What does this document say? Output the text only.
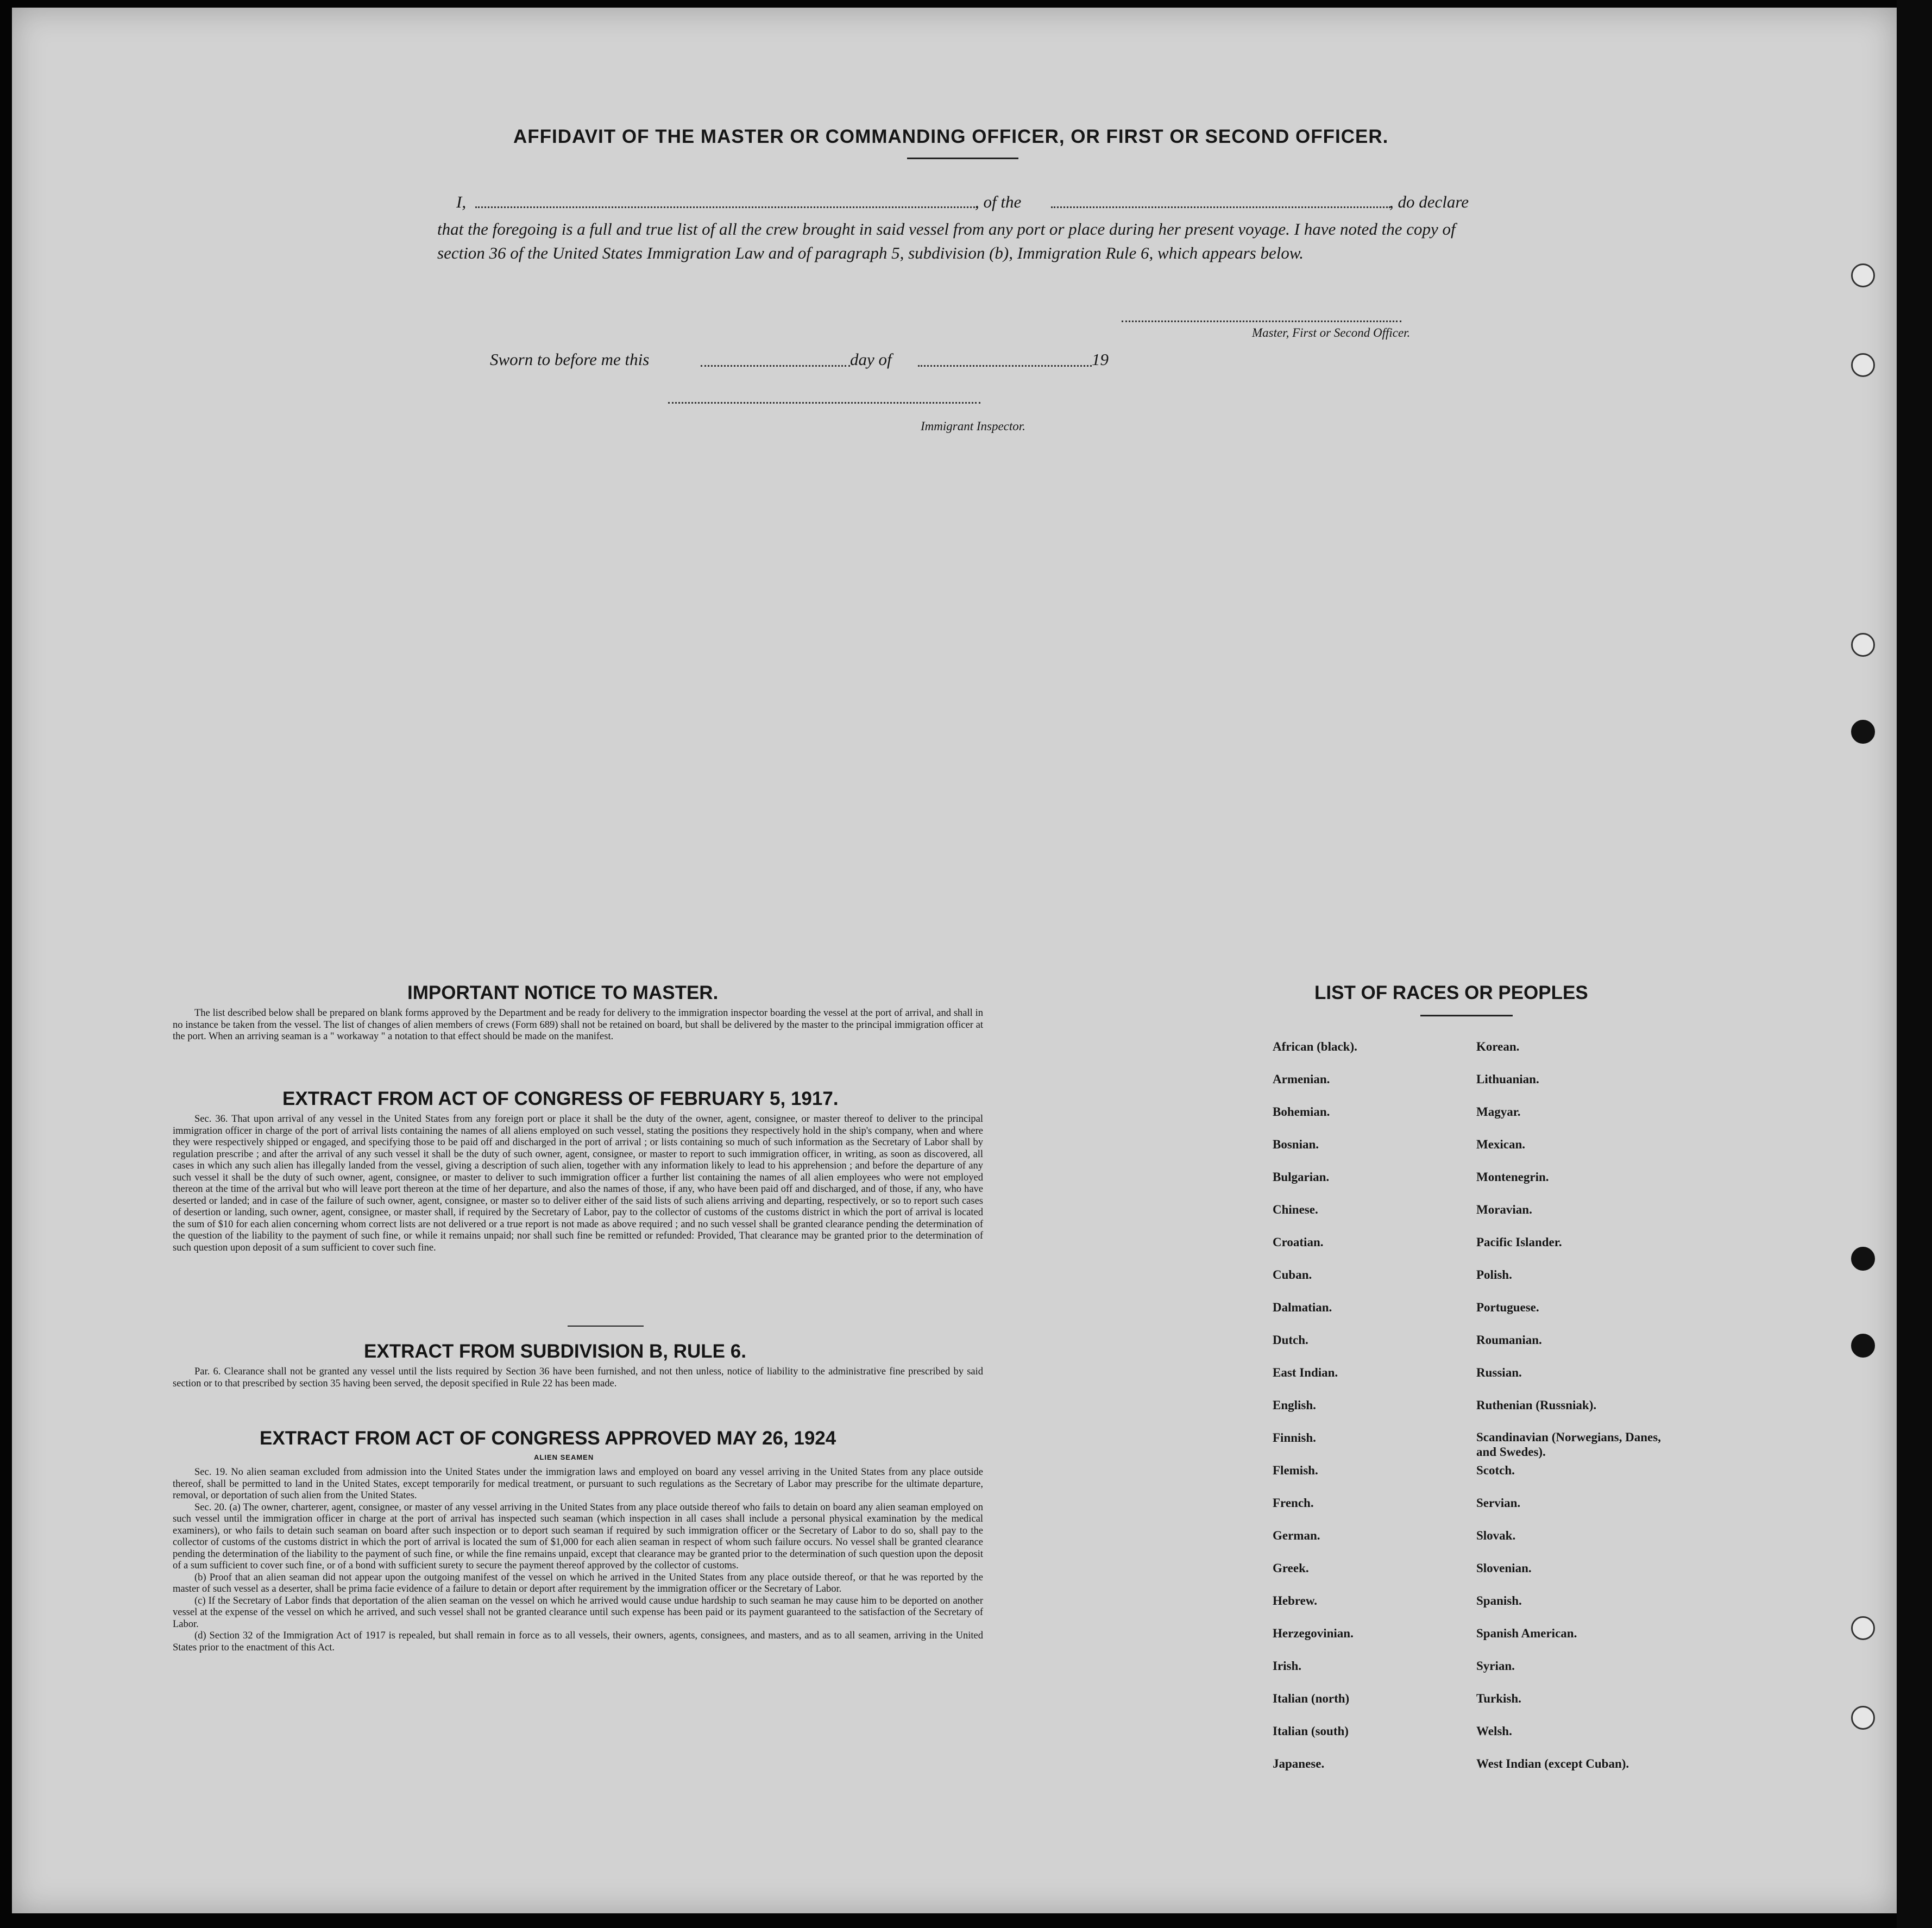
AFFIDAVIT OF THE MASTER OR COMMANDING OFFICER, OR FIRST OR SECOND OFFICER.
I,	, of the	, do declare
that the foregoing is a full and true list of all the crew brought in said vessel from any port or place during her present voyage. I have noted the copy of section 36 of the United States Immigration Law and of paragraph 5, subdivision (b), Immigration Rule 6, which appears below.
Master, First or Second Officer.
Sworn to before me this	day of	19
Immigrant Inspector.
IMPORTANT NOTICE TO MASTER.

The list described below shall be prepared on blank forms approved by the Department and be ready for delivery to the immigration inspector boarding the vessel at the port of arrival, and shall in no instance be taken from the vessel. The list of changes of alien members of crews (Form 689) shall not be retained on board, but shall be delivered by the master to the principal immigration officer at the port. When an arriving seaman is a " workaway " a notation to that effect should be made on the manifest.

EXTRACT FROM ACT OF CONGRESS OF FEBRUARY 5, 1917.

Sec. 36. That upon arrival of any vessel in the United States from any foreign port or place it shall be the duty of the owner, agent, consignee, or master thereof to deliver to the principal immigration officer in charge of the port of arrival lists containing the names of all aliens employed on such vessel, stating the positions they respectively hold in the ship's company, when and where they were respectively shipped or engaged, and specifying those to be paid off and discharged in the port of arrival ; or lists containing so much of such information as the Secretary of Labor shall by regulation prescribe ; and after the arrival of any such vessel it shall be the duty of such owner, agent, consignee, or master to report to such immigration officer, in writing, as soon as discovered, all cases in which any such alien has illegally landed from the vessel, giving a description of such alien, together with any information likely to lead to his apprehension ; and before the departure of any such vessel it shall be the duty of such owner, agent, consignee, or master to deliver to such immigration officer a further list containing the names of all alien employees who were not employed thereon at the time of the arrival but who will leave port thereon at the time of her departure, and also the names of those, if any, who have been paid off and discharged, and of those, if any, who have deserted or landed; and in case of the failure of such owner, agent, consignee, or master so to deliver either of the said lists of such aliens arriving and departing, respectively, or so to report such cases of desertion or landing, such owner, agent, consignee, or master shall, if required by the Secretary of Labor, pay to the collector of customs of the customs district in which the port of arrival is located the sum of $10 for each alien concerning whom correct lists are not delivered or a true report is not made as above required ; and no such vessel shall be granted clearance pending the determination of the question of the liability to the payment of such fine, or while it remains unpaid; nor shall such fine be remitted or refunded: Provided, That clearance may be granted prior to the determination of such question upon deposit of a sum sufficient to cover such fine.

EXTRACT FROM SUBDIVISION B, RULE 6.

Par. 6. Clearance shall not be granted any vessel until the lists required by Section 36 have been furnished, and not then unless, notice of liability to the administrative fine prescribed by said section or to that prescribed by section 35 having been served, the deposit specified in Rule 22 has been made.

EXTRACT FROM ACT OF CONGRESS APPROVED MAY 26, 1924
ALIEN SEAMEN

Sec. 19. No alien seaman excluded from admission into the United States under the immigration laws and employed on board any vessel arriving in the United States from any place outside thereof, shall be permitted to land in the United States, except temporarily for medical treatment, or pursuant to such regulations as the Secretary of Labor may prescribe for the ultimate departure, removal, or deportation of such alien from the United States.

Sec. 20. (a) The owner, charterer, agent, consignee, or master of any vessel arriving in the United States from any place outside thereof who fails to detain on board any alien seaman employed on such vessel until the immigration officer in charge at the port of arrival has inspected such seaman (which inspection in all cases shall include a personal physical examination by the medical examiners), or who fails to detain such seaman on board after such inspection or to deport such seaman if required by such immigration officer or the Secretary of Labor to do so, shall pay to the collector of customs of the customs district in which the port of arrival is located the sum of $1,000 for each alien seaman in respect of whom such failure occurs. No vessel shall be granted clearance pending the determination of the liability to the payment of such fine, or while the fine remains unpaid, except that clearance may be granted prior to the determination of such question upon the deposit of a sum sufficient to cover such fine, or of a bond with sufficient surety to secure the payment thereof approved by the collector of customs.

(b) Proof that an alien seaman did not appear upon the outgoing manifest of the vessel on which he arrived in the United States from any place outside thereof, or that he was reported by the master of such vessel as a deserter, shall be prima facie evidence of a failure to detain or deport after requirement by the immigration officer or the Secretary of Labor.

(c) If the Secretary of Labor finds that deportation of the alien seaman on the vessel on which he arrived would cause undue hardship to such seaman he may cause him to be deported on another vessel at the expense of the vessel on which he arrived, and such vessel shall not be granted clearance until such expense has been paid or its payment guaranteed to the satisfaction of the Secretary of Labor.

(d) Section 32 of the Immigration Act of 1917 is repealed, but shall remain in force as to all vessels, their owners, agents, consignees, and masters, and as to all seamen, arriving in the United States prior to the enactment of this Act.

LIST OF RACES OR PEOPLES
African (black).
Armenian.
Bohemian.
Bosnian.
Bulgarian.
Chinese.
Croatian.
Cuban.
Dalmatian.
Dutch.
East Indian.
English.
Finnish.
Flemish.
French.
German.
Greek.
Hebrew.
Herzegovinian.
Irish.
Italian (north)
Italian (south)
Japanese.
Korean.
Lithuanian.
Magyar.
Mexican.
Montenegrin.
Moravian.
Pacific Islander.
Polish.
Portuguese.
Roumanian.
Russian.
Ruthenian (Russniak).
Scandinavian (Norwegians, Danes, and Swedes).
Scotch.
Servian.
Slovak.
Slovenian.
Spanish.
Spanish American.
Syrian.
Turkish.
Welsh.
West Indian (except Cuban).
